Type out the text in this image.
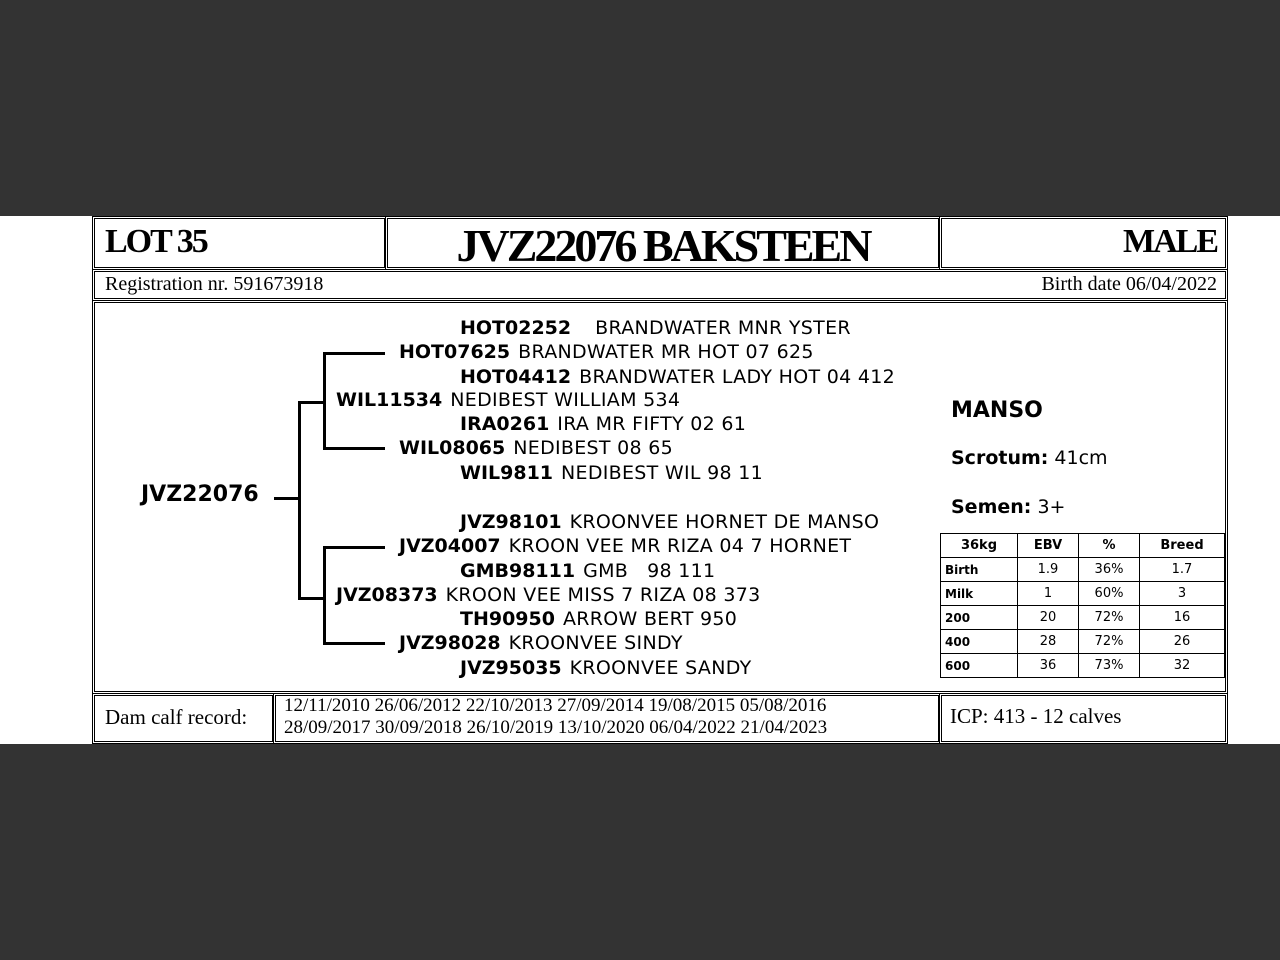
LOT 35	JVZ22076 BAKSTEEN	MALE
Registration nr. 591673918	Birth date 06/04/2022
JVZ22076
HOT02252 BRANDWATER MNR YSTER
HOT07625 BRANDWATER MR HOT 07 625
HOT04412 BRANDWATER LADY HOT 04 412
WIL11534 NEDIBEST WILLIAM 534
IRA0261 IRA MR FIFTY 02 61
WIL08065 NEDIBEST 08 65
WIL9811 NEDIBEST WIL 98 11
JVZ98101 KROONVEE HORNET DE MANSO
JVZ04007 KROON VEE MR RIZA 04 7 HORNET
GMB98111 GMB   98 111
JVZ08373 KROON VEE MISS 7 RIZA 08 373
TH90950 ARROW BERT 950
JVZ98028 KROONVEE SINDY
JVZ95035 KROONVEE SANDY
MANSO
Scrotum: 41cm
Semen: 3+
36kg	EBV	%	Breed
Birth	1.9	36%	1.7
Milk	1	60%	3
200	20	72%	16
400	28	72%	26
600	36	73%	32
Dam calf record: 12/11/2010 26/06/2012 22/10/2013 27/09/2014 19/08/2015 05/08/2016
28/09/2017 30/09/2018 26/10/2019 13/10/2020 06/04/2022 21/04/2023	ICP: 413 - 12 calves
